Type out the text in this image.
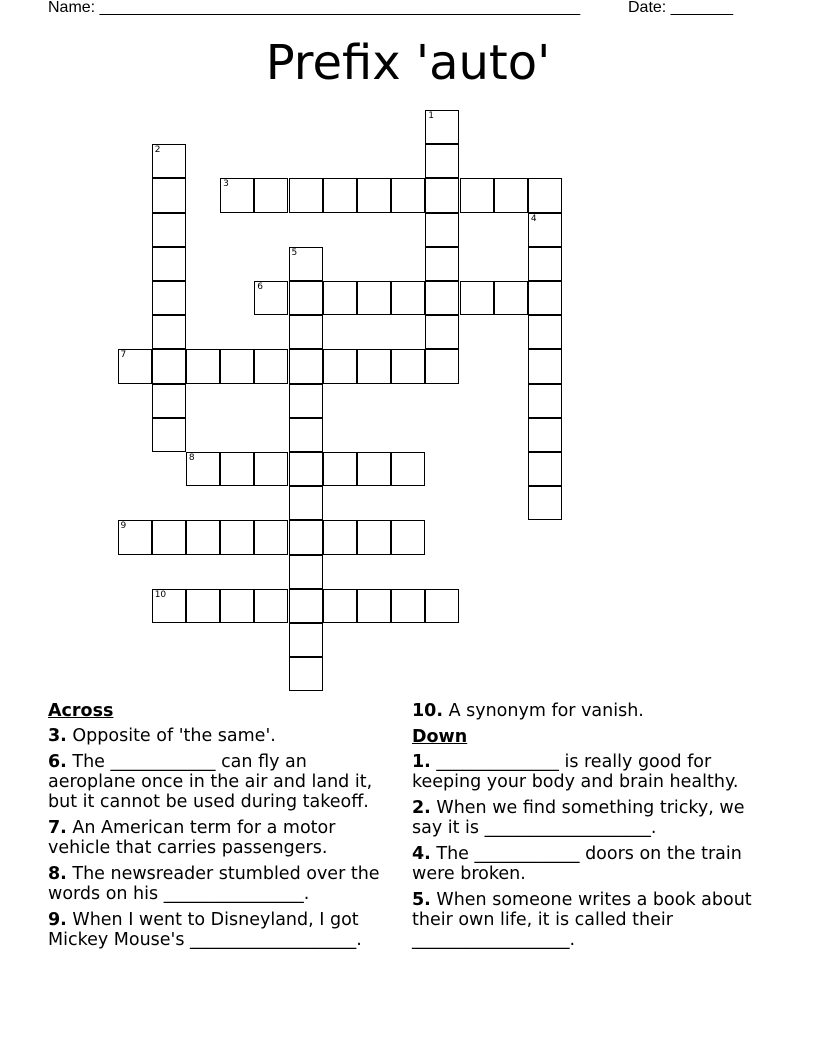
Name: ______________________________________________________	Date: _______
Prefix 'auto'
1
2
3
4
5
6
7
8
9
10
Across
3. Opposite of 'the same'.
6. The ____________ can fly an aeroplane once in the air and land it, but it cannot be used during takeoff.
7. An American term for a motor vehicle that carries passengers.
8. The newsreader stumbled over the words on his ________________.
9. When I went to Disneyland, I got Mickey Mouse's ___________________.
10. A synonym for vanish.
Down
1. ______________ is really good for keeping your body and brain healthy.
2. When we find something tricky, we say it is ___________________.
4. The ____________ doors on the train were broken.
5. When someone writes a book about their own life, it is called their __________________.
